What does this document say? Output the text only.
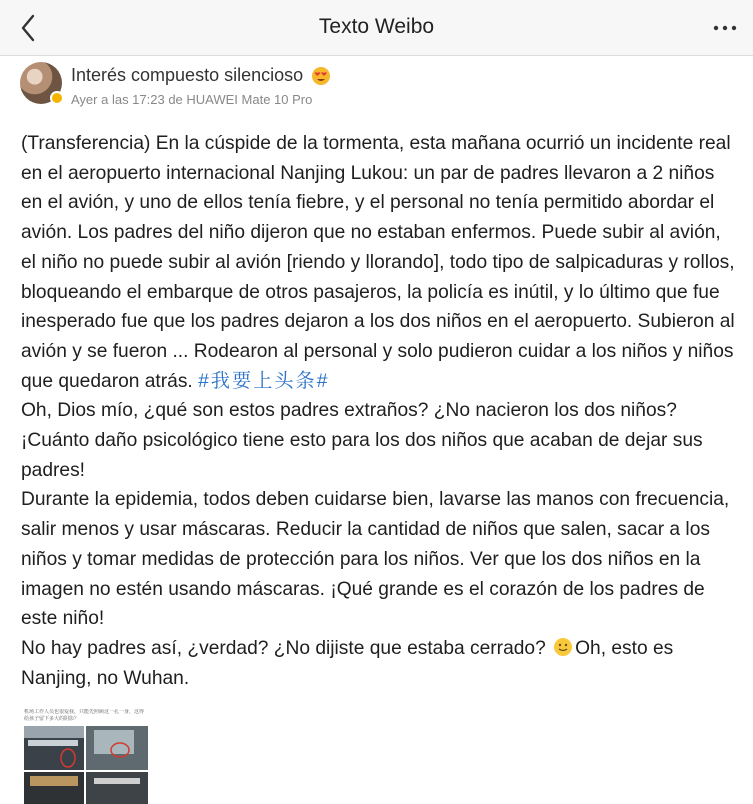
Texto Weibo
Interés compuesto silencioso
Ayer a las 17:23 de HUAWEI Mate 10 Pro

(Transferencia) En la cúspide de la tormenta, esta mañana ocurrió un incidente real en el aeropuerto internacional Nanjing Lukou: un par de padres llevaron a 2 niños en el avión, y uno de ellos tenía fiebre, y el personal no tenía permitido abordar el avión. Los padres del niño dijeron que no estaban enfermos. Puede subir al avión, el niño no puede subir al avión [riendo y llorando], todo tipo de salpicaduras y rollos, bloqueando el embarque de otros pasajeros, la policía es inútil, y lo último que fue inesperado fue que los padres dejaron a los dos niños en el aeropuerto. Subieron al avión y se fueron ... Rodearon al personal y solo pudieron cuidar a los niños y niños que quedaron atrás. #我要上头条#

Oh, Dios mío, ¿qué son estos padres extraños? ¿No nacieron los dos niños? ¡Cuánto daño psicológico tiene esto para los dos niños que acaban de dejar sus padres!

Durante la epidemia, todos deben cuidarse bien, lavarse las manos con frecuencia, salir menos y usar máscaras. Reducir la cantidad de niños que salen, sacar a los niños y tomar medidas de protección para los niños. Ver que los dos niños en la imagen no estén usando máscaras. ¡Qué grande es el corazón de los padres de este niño!

No hay padres así, ¿verdad? ¿No dijiste que estaba cerrado? Oh, esto es Nanjing, no Wuhan.

机场工作人员也很爱我，只能先照顾这一孔一身，这得给孩子留下多大的阴影？
